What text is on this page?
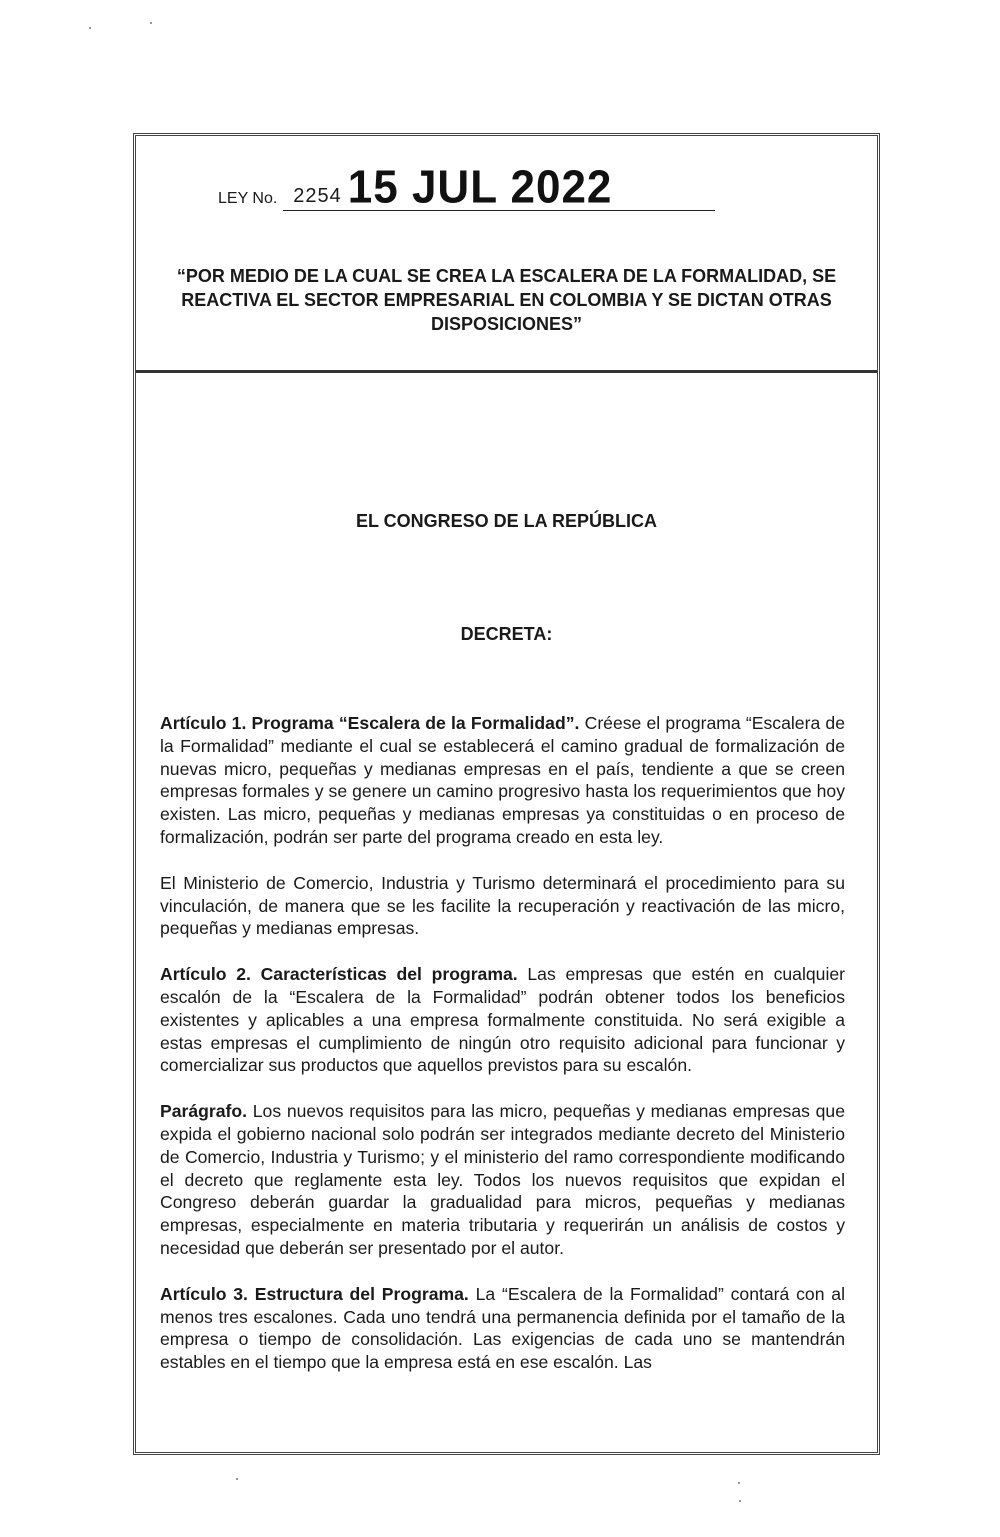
LEY No. 2254 15 JUL 2022
“POR MEDIO DE LA CUAL SE CREA LA ESCALERA DE LA FORMALIDAD, SE REACTIVA EL SECTOR EMPRESARIAL EN COLOMBIA Y SE DICTAN OTRAS DISPOSICIONES”
EL CONGRESO DE LA REPÚBLICA
DECRETA:

Artículo 1. Programa “Escalera de la Formalidad”. Créese el programa “Escalera de la Formalidad” mediante el cual se establecerá el camino gradual de formalización de nuevas micro, pequeñas y medianas empresas en el país, tendiente a que se creen empresas formales y se genere un camino progresivo hasta los requerimientos que hoy existen. Las micro, pequeñas y medianas empresas ya constituidas o en proceso de formalización, podrán ser parte del programa creado en esta ley.

El Ministerio de Comercio, Industria y Turismo determinará el procedimiento para su vinculación, de manera que se les facilite la recuperación y reactivación de las micro, pequeñas y medianas empresas.

Artículo 2. Características del programa. Las empresas que estén en cualquier escalón de la “Escalera de la Formalidad” podrán obtener todos los beneficios existentes y aplicables a una empresa formalmente constituida. No será exigible a estas empresas el cumplimiento de ningún otro requisito adicional para funcionar y comercializar sus productos que aquellos previstos para su escalón.

Parágrafo. Los nuevos requisitos para las micro, pequeñas y medianas empresas que expida el gobierno nacional solo podrán ser integrados mediante decreto del Ministerio de Comercio, Industria y Turismo; y el ministerio del ramo correspondiente modificando el decreto que reglamente esta ley. Todos los nuevos requisitos que expidan el Congreso deberán guardar la gradualidad para micros, pequeñas y medianas empresas, especialmente en materia tributaria y requerirán un análisis de costos y necesidad que deberán ser presentado por el autor.

Artículo 3. Estructura del Programa. La “Escalera de la Formalidad” contará con al menos tres escalones. Cada uno tendrá una permanencia definida por el tamaño de la empresa o tiempo de consolidación. Las exigencias de cada uno se mantendrán estables en el tiempo que la empresa está en ese escalón. Las
